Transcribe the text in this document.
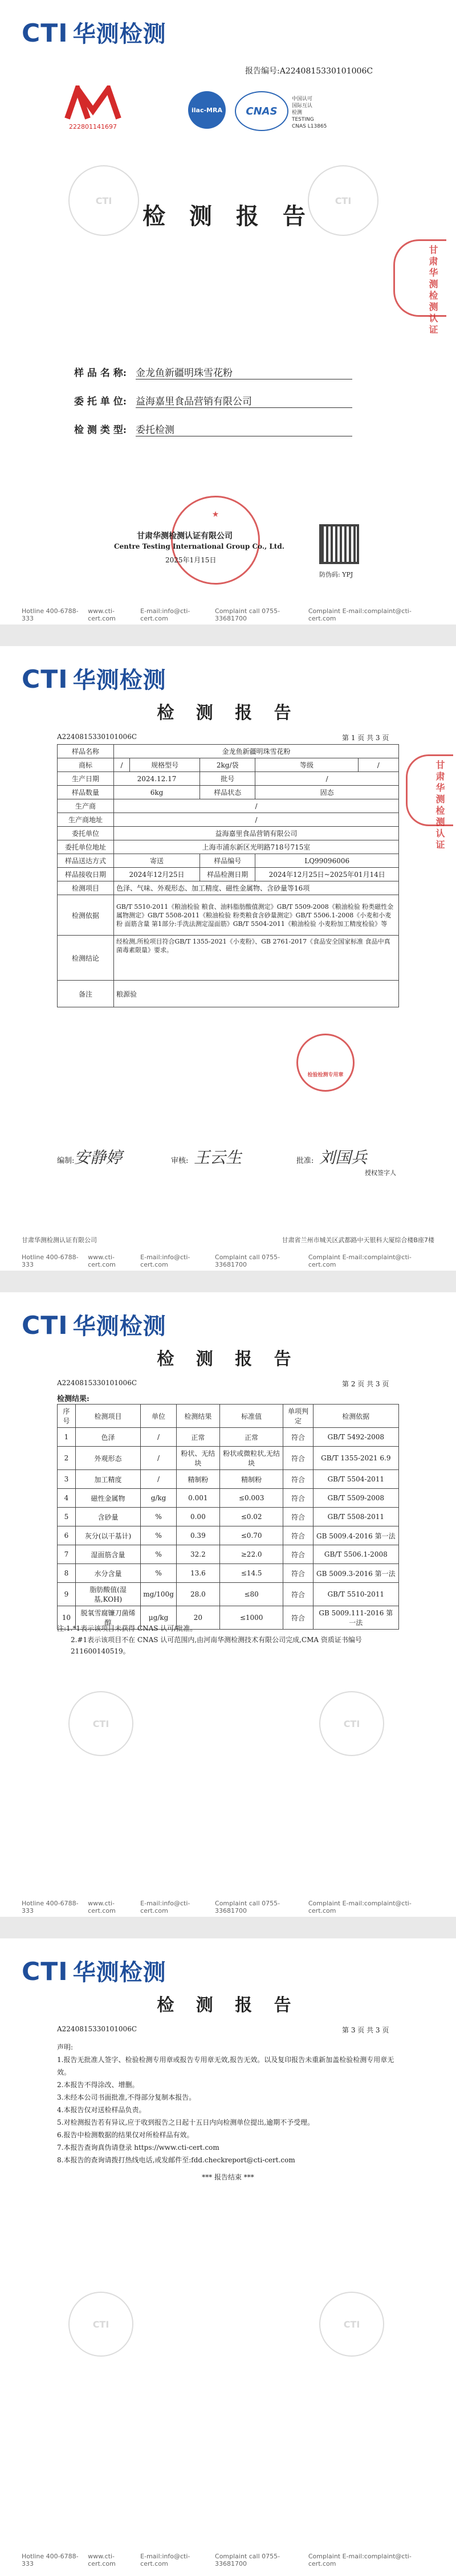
CTI 华测检测
报告编号:A2240815330101006C
222801141697
ilac-MRA	CNAS
中国认可
国际互认
检测
TESTING
CNAS L13865
CTI	CTI
检 测 报 告
甘肃华测检测认证
样 品 名 称: 金龙鱼新疆明珠雪花粉
委 托 单 位: 益海嘉里食品营销有限公司
检 测 类 型: 委托检测
★
甘肃华测检测认证有限公司
Centre Testing International Group Co., Ltd.
2025年1月15日
防伪码: YPJ
Hotline 400-6788-333
www.cti-cert.com
E-mail:info@cti-cert.com
Complaint call 0755-33681700
Complaint E-mail:complaint@cti-cert.com
CTI 华测检测
检 测 报 告
A2240815330101006C	第 1 页 共 3 页
样品名称	金龙鱼新疆明珠雪花粉				
商标	/	规格型号	2kg/袋	等级	/
生产日期	2024.12.17		批号	/	
样品数量	6kg		样品状态	固态	
生产商	/				
生产商地址	/				
委托单位	益海嘉里食品营销有限公司				
委托单位地址	上海市浦东新区光明路718号715室				
样品送达方式	寄送		样品编号	LQ99096006	
样品接收日期	2024年12月25日		样品检测日期	2024年12月25日~2025年01月14日	
检测项目	色泽、气味、外观形态、加工精度、磁性金属物、含砂量等16项				
检测依据	GB/T 5510-2011《粮油检验 粮食、油料脂肪酸值测定》GB/T 5509-2008《粮油检验 粉类磁性金属物测定》GB/T 5508-2011《粮油检验 粉类粮食含砂量测定》GB/T 5506.1-2008《小麦和小麦粉 面筋含量 第1部分:手洗法测定湿面筋》GB/T 5504-2011《粮油检验 小麦粉加工精度检验》等				
检测结论	经检测,所检项目符合GB/T 1355-2021《小麦粉》、GB 2761-2017《食品安全国家标准 食品中真菌毒素限量》要求。				
备注	粮源验				
检验检测专用章
甘肃华测检测认证
编制: 安静婷	审核: 王云生	批准: 刘国兵
授权签字人
甘肃华测检测认证有限公司	甘肃省兰州市城关区武都路中天银科大厦综合楼B座7楼
Hotline 400-6788-333
www.cti-cert.com
E-mail:info@cti-cert.com
Complaint call 0755-33681700
Complaint E-mail:complaint@cti-cert.com
CTI 华测检测
检 测 报 告
A2240815330101006C	第 2 页 共 3 页
检测结果:
序号	检测项目	单位	检测结果	标准值	单项判定	检测依据
1	色泽	/	正常	正常	符合	GB/T 5492-2008
2	外观形态	/	粉状、无结块	粉状或微粒状,无结块	符合	GB/T 1355-2021 6.9
3	加工精度	/	精制粉	精制粉	符合	GB/T 5504-2011
4	磁性金属物	g/kg	0.001	≤0.003	符合	GB/T 5509-2008
5	含砂量	%	0.00	≤0.02	符合	GB/T 5508-2011
6	灰分(以干基计)	%	0.39	≤0.70	符合	GB 5009.4-2016 第一法
7	湿面筋含量	%	32.2	≥22.0	符合	GB/T 5506.1-2008
8	水分含量	%	13.6	≤14.5	符合	GB 5009.3-2016 第一法
9	脂肪酸值(湿基,KOH)	mg/100g	28.0	≤80	符合	GB/T 5510-2011
10	脱氧雪腐镰刀菌烯醇	μg/kg	20	≤1000	符合	GB 5009.111-2016 第一法
CTI	CTI
注:1.*1表示该项目未获得 CNAS 认可/批准。
2.#1表示该项目不在 CNAS 认可范围内,由河南华测检测技术有限公司完成,CMA 资质证书编号 211600140519。
Hotline 400-6788-333
www.cti-cert.com
E-mail:info@cti-cert.com
Complaint call 0755-33681700
Complaint E-mail:complaint@cti-cert.com
CTI 华测检测
检 测 报 告
A2240815330101006C	第 3 页 共 3 页
声明:
1.报告无批准人签字、检验检测专用章或报告专用章无效,报告无效。以及复印报告未重新加盖检验检测专用章无效。
2.本报告不得涂改、增删。
3.未经本公司书面批准,不得部分复制本报告。
4.本报告仅对送检样品负责。
5.对检测报告若有异议,应于收到报告之日起十五日内向检测单位提出,逾期不予受理。
6.报告中检测数据的结果仅对所检样品有效。
7.本报告查询真伪请登录 https://www.cti-cert.com
8.本报告的查询请拨打热线电话,或发邮件至:fdd.checkreport@cti-cert.com
*** 报告结束 ***
CTI	CTI
Hotline 400-6788-333
www.cti-cert.com
E-mail:info@cti-cert.com
Complaint call 0755-33681700
Complaint E-mail:complaint@cti-cert.com
